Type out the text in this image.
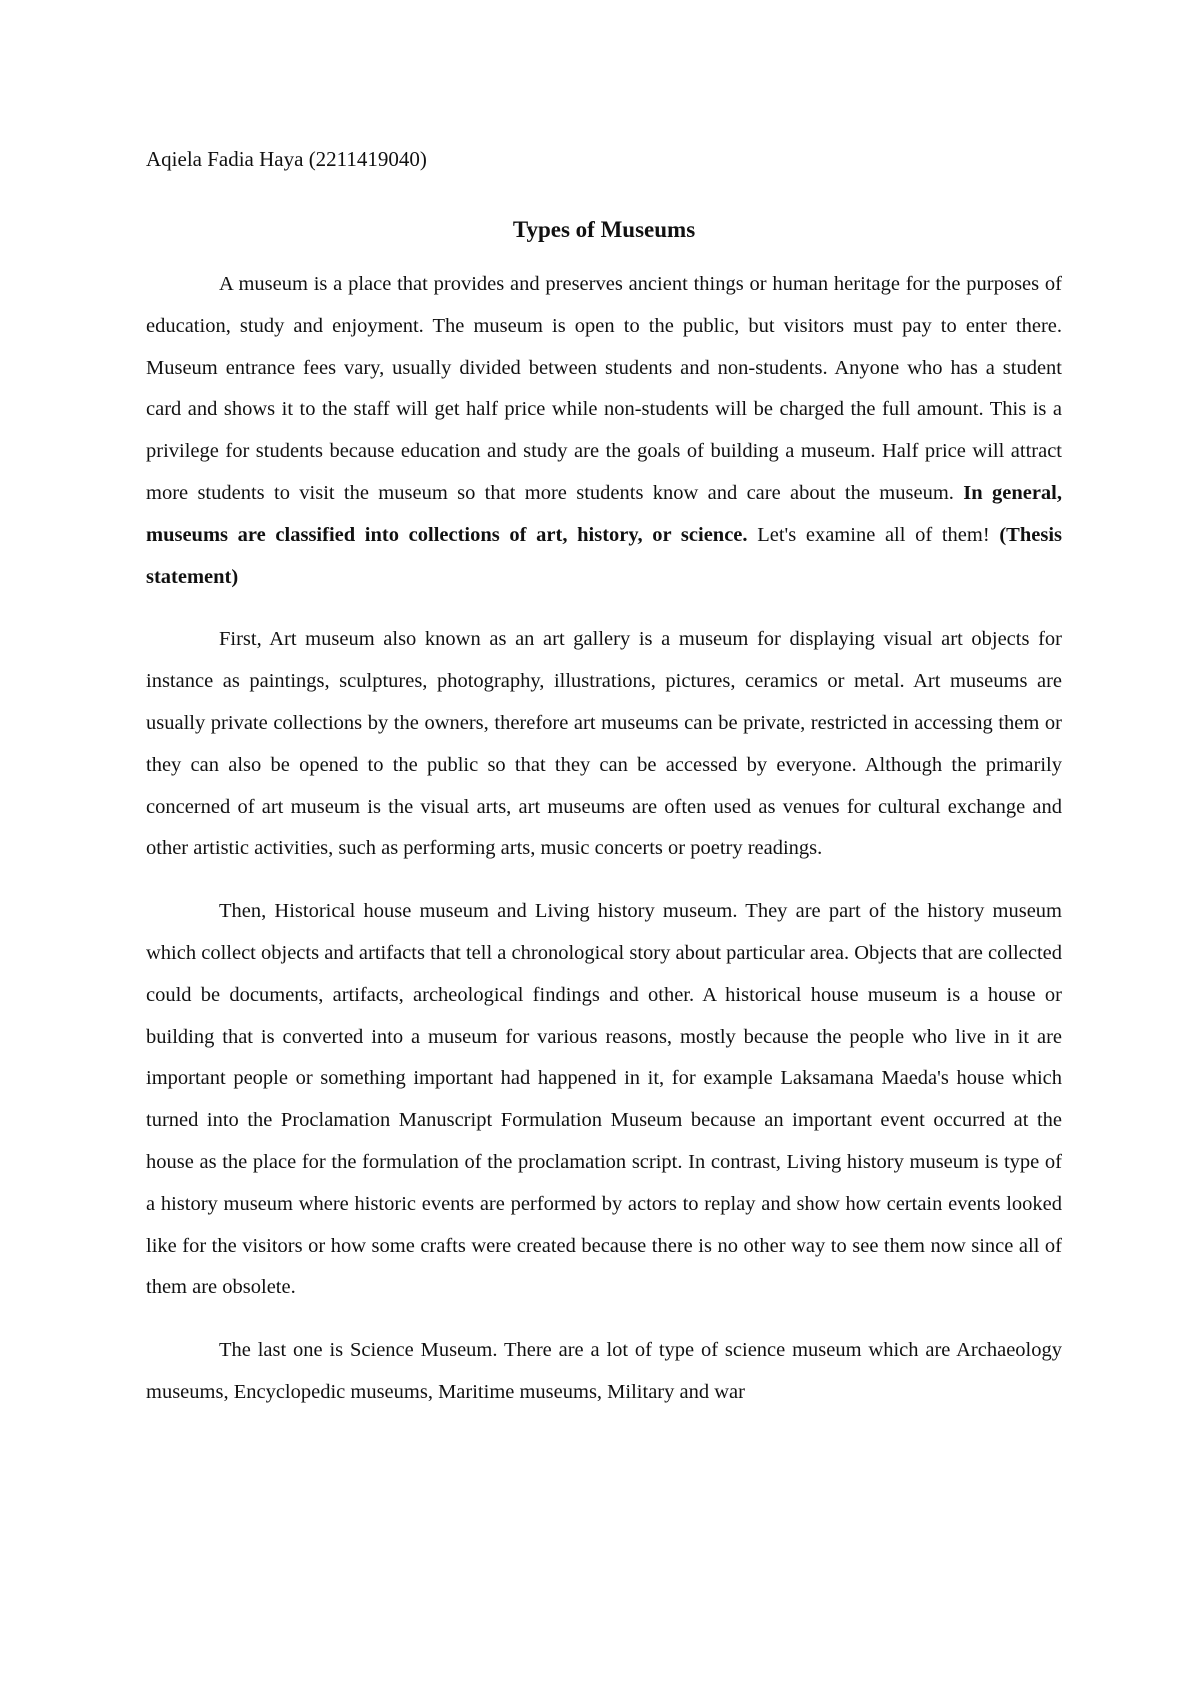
Aqiela Fadia Haya (2211419040)

Types of Museums

A museum is a place that provides and preserves ancient things or human heritage for the purposes of education, study and enjoyment. The museum is open to the public, but visitors must pay to enter there. Museum entrance fees vary, usually divided between students and non-students. Anyone who has a student card and shows it to the staff will get half price while non-students will be charged the full amount. This is a privilege for students because education and study are the goals of building a museum. Half price will attract more students to visit the museum so that more students know and care about the museum. In general, museums are classified into collections of art, history, or science. Let's examine all of them! (Thesis statement)

First, Art museum also known as an art gallery is a museum for displaying visual art objects for instance as paintings, sculptures, photography, illustrations, pictures, ceramics or metal. Art museums are usually private collections by the owners, therefore art museums can be private, restricted in accessing them or they can also be opened to the public so that they can be accessed by everyone. Although the primarily concerned of art museum is the visual arts, art museums are often used as venues for cultural exchange and other artistic activities, such as performing arts, music concerts or poetry readings.

Then, Historical house museum and Living history museum. They are part of the history museum which collect objects and artifacts that tell a chronological story about particular area. Objects that are collected could be documents, artifacts, archeological findings and other. A historical house museum is a house or building that is converted into a museum for various reasons, mostly because the people who live in it are important people or something important had happened in it, for example Laksamana Maeda's house which turned into the Proclamation Manuscript Formulation Museum because an important event occurred at the house as the place for the formulation of the proclamation script. In contrast, Living history museum is type of a history museum where historic events are performed by actors to replay and show how certain events looked like for the visitors or how some crafts were created because there is no other way to see them now since all of them are obsolete.

The last one is Science Museum. There are a lot of type of science museum which are Archaeology museums, Encyclopedic museums, Maritime museums, Military and war
